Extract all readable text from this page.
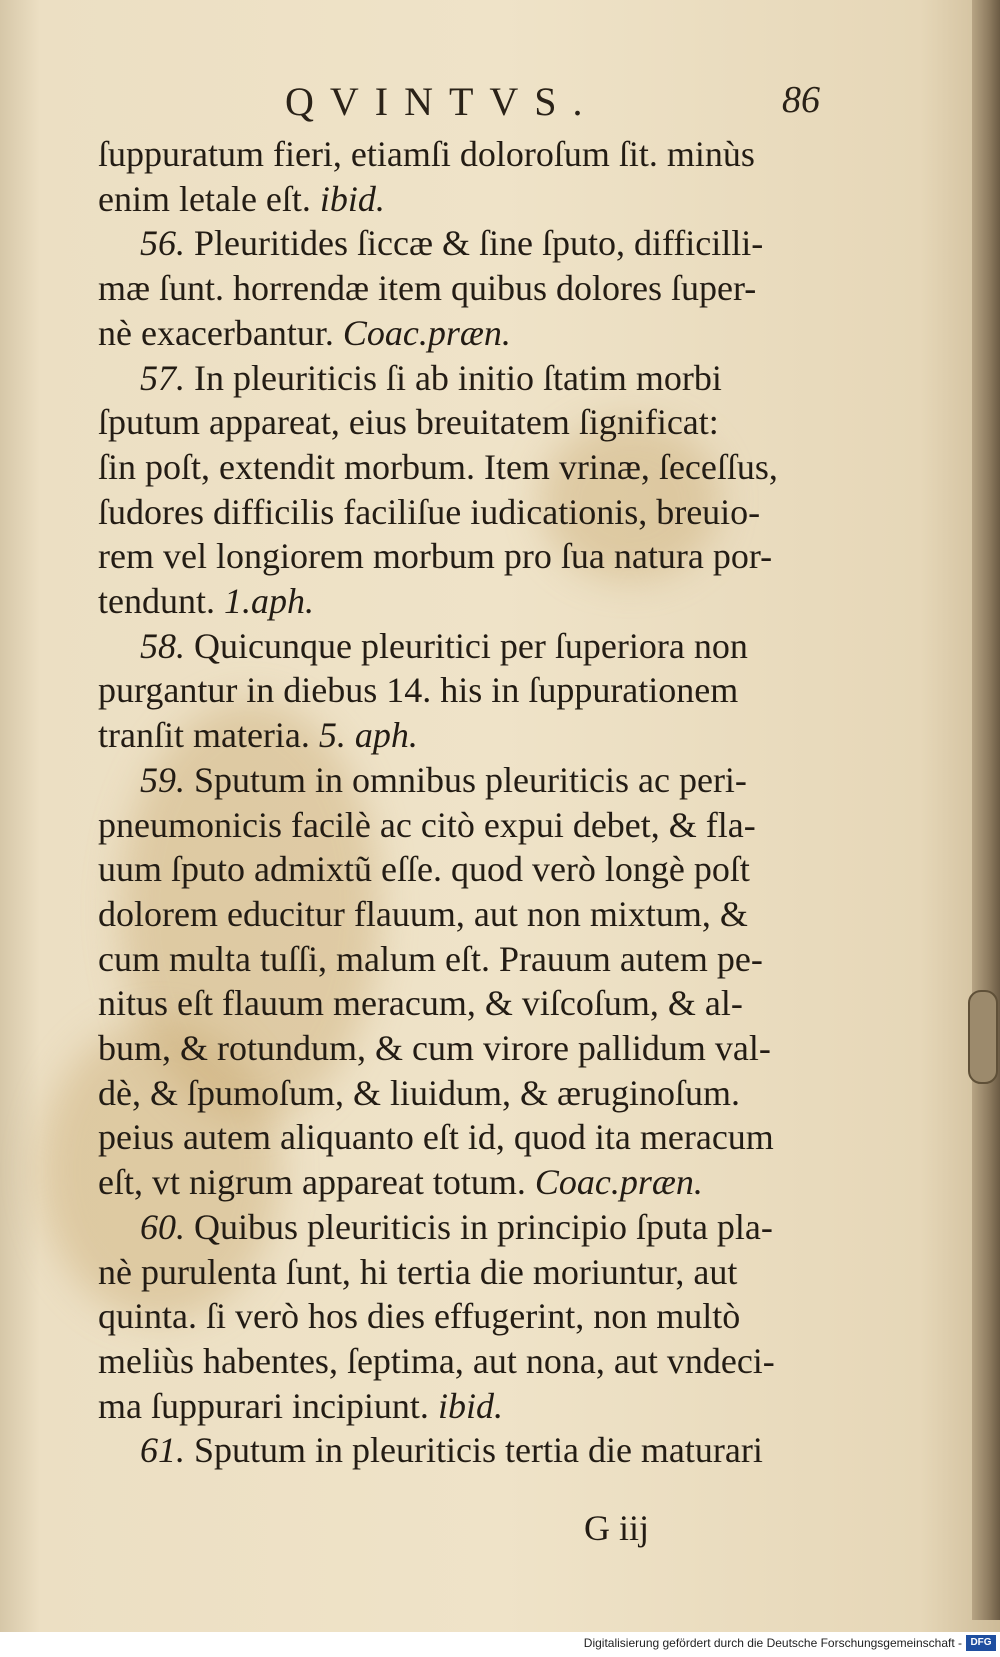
QVINTVS.	86
ſuppuratum fieri, etiamſi doloroſum ſit. minùs
enim letale eſt. ibid.
56. Pleuritides ſiccæ & ſine ſputo, difficilli-
mæ ſunt. horrendæ item quibus dolores ſuper-
nè exacerbantur. Coac.præn.
57. In pleuriticis ſi ab initio ſtatim morbi
ſputum appareat, eius breuitatem ſignificat:
ſin poſt, extendit morbum. Item vrinæ, ſeceſſus,
ſudores difficilis faciliſue iudicationis, breuio-
rem vel longiorem morbum pro ſua natura por-
tendunt. 1.aph.
58. Quicunque pleuritici per ſuperiora non
purgantur in diebus 14. his in ſuppurationem
tranſit materia. 5. aph.
59. Sputum in omnibus pleuriticis ac peri-
pneumonicis facilè ac citò expui debet, & fla-
uum ſputo admixtũ eſſe. quod verò longè poſt
dolorem educitur flauum, aut non mixtum, &
cum multa tuſſi, malum eſt. Prauum autem pe-
nitus eſt flauum meracum, & viſcoſum, & al-
bum, & rotundum, & cum virore pallidum val-
dè, & ſpumoſum, & liuidum, & æruginoſum.
peius autem aliquanto eſt id, quod ita meracum
eſt, vt nigrum appareat totum. Coac.præn.
60. Quibus pleuriticis in principio ſputa pla-
nè purulenta ſunt, hi tertia die moriuntur, aut
quinta. ſi verò hos dies effugerint, non multò
meliùs habentes, ſeptima, aut nona, aut vndeci-
ma ſuppurari incipiunt. ibid.
61. Sputum in pleuriticis tertia die maturari
G iij
Digitalisierung gefördert durch die Deutsche Forschungsgemeinschaft - DFG
